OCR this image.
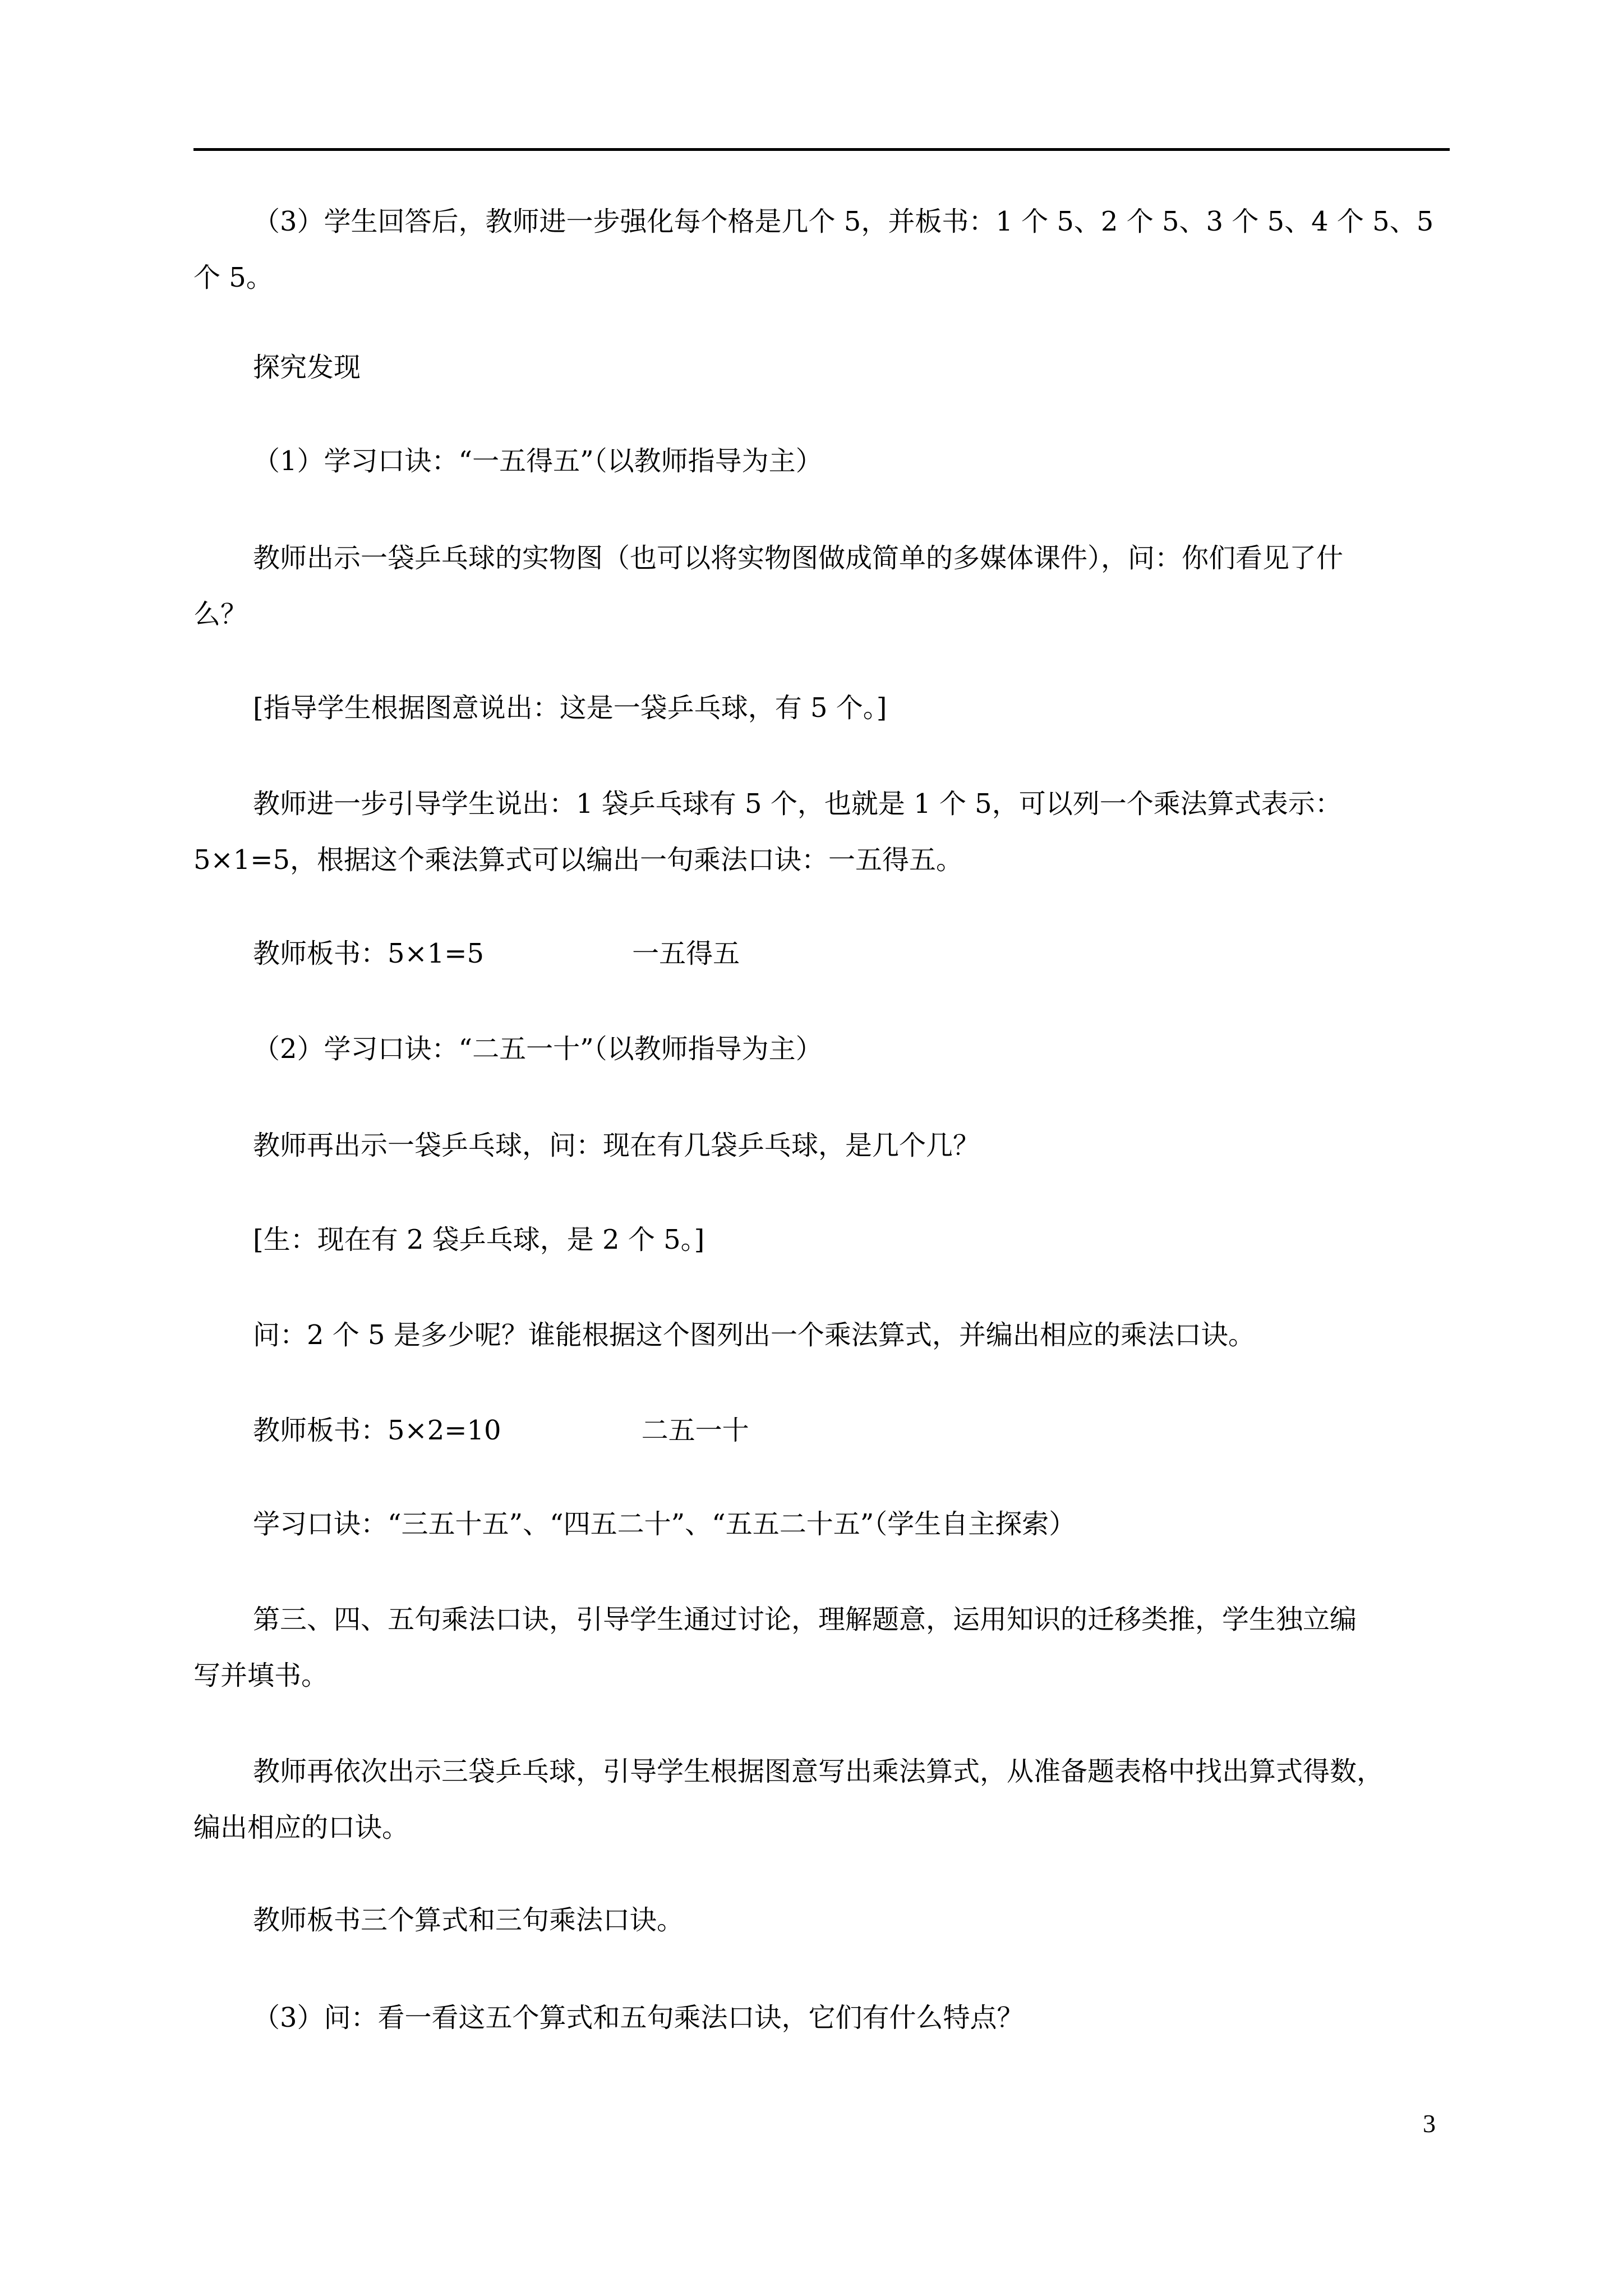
（3）学生回答后，教师进一步强化每个格是几个 5，并板书：1 个 5、2 个 5、3 个 5、4 个 5、5
个 5。

探究发现

（1）学习口诀：“一五得五”（以教师指导为主）

教师出示一袋乒乓球的实物图（也可以将实物图做成简单的多媒体课件），问：你们看见了什
么？

[指导学生根据图意说出：这是一袋乒乓球，有 5 个。]

教师进一步引导学生说出：1 袋乒乓球有 5 个，也就是 1 个 5，可以列一个乘法算式表示：
5×1=5，根据这个乘法算式可以编出一句乘法口诀：一五得五。

教师板书：5×1=5	一五得五

（2）学习口诀：“二五一十”（以教师指导为主）

教师再出示一袋乒乓球，问：现在有几袋乒乓球，是几个几？

[生：现在有 2 袋乒乓球，是 2 个 5。]

问：2 个 5 是多少呢？谁能根据这个图列出一个乘法算式，并编出相应的乘法口诀。

教师板书：5×2=10	二五一十

学习口诀：“三五十五”、“四五二十”、“五五二十五”（学生自主探索）

第三、四、五句乘法口诀，引导学生通过讨论，理解题意，运用知识的迁移类推，学生独立编
写并填书。

教师再依次出示三袋乒乓球，引导学生根据图意写出乘法算式，从准备题表格中找出算式得数，
编出相应的口诀。

教师板书三个算式和三句乘法口诀。

（3）问：看一看这五个算式和五句乘法口诀，它们有什么特点？

3
